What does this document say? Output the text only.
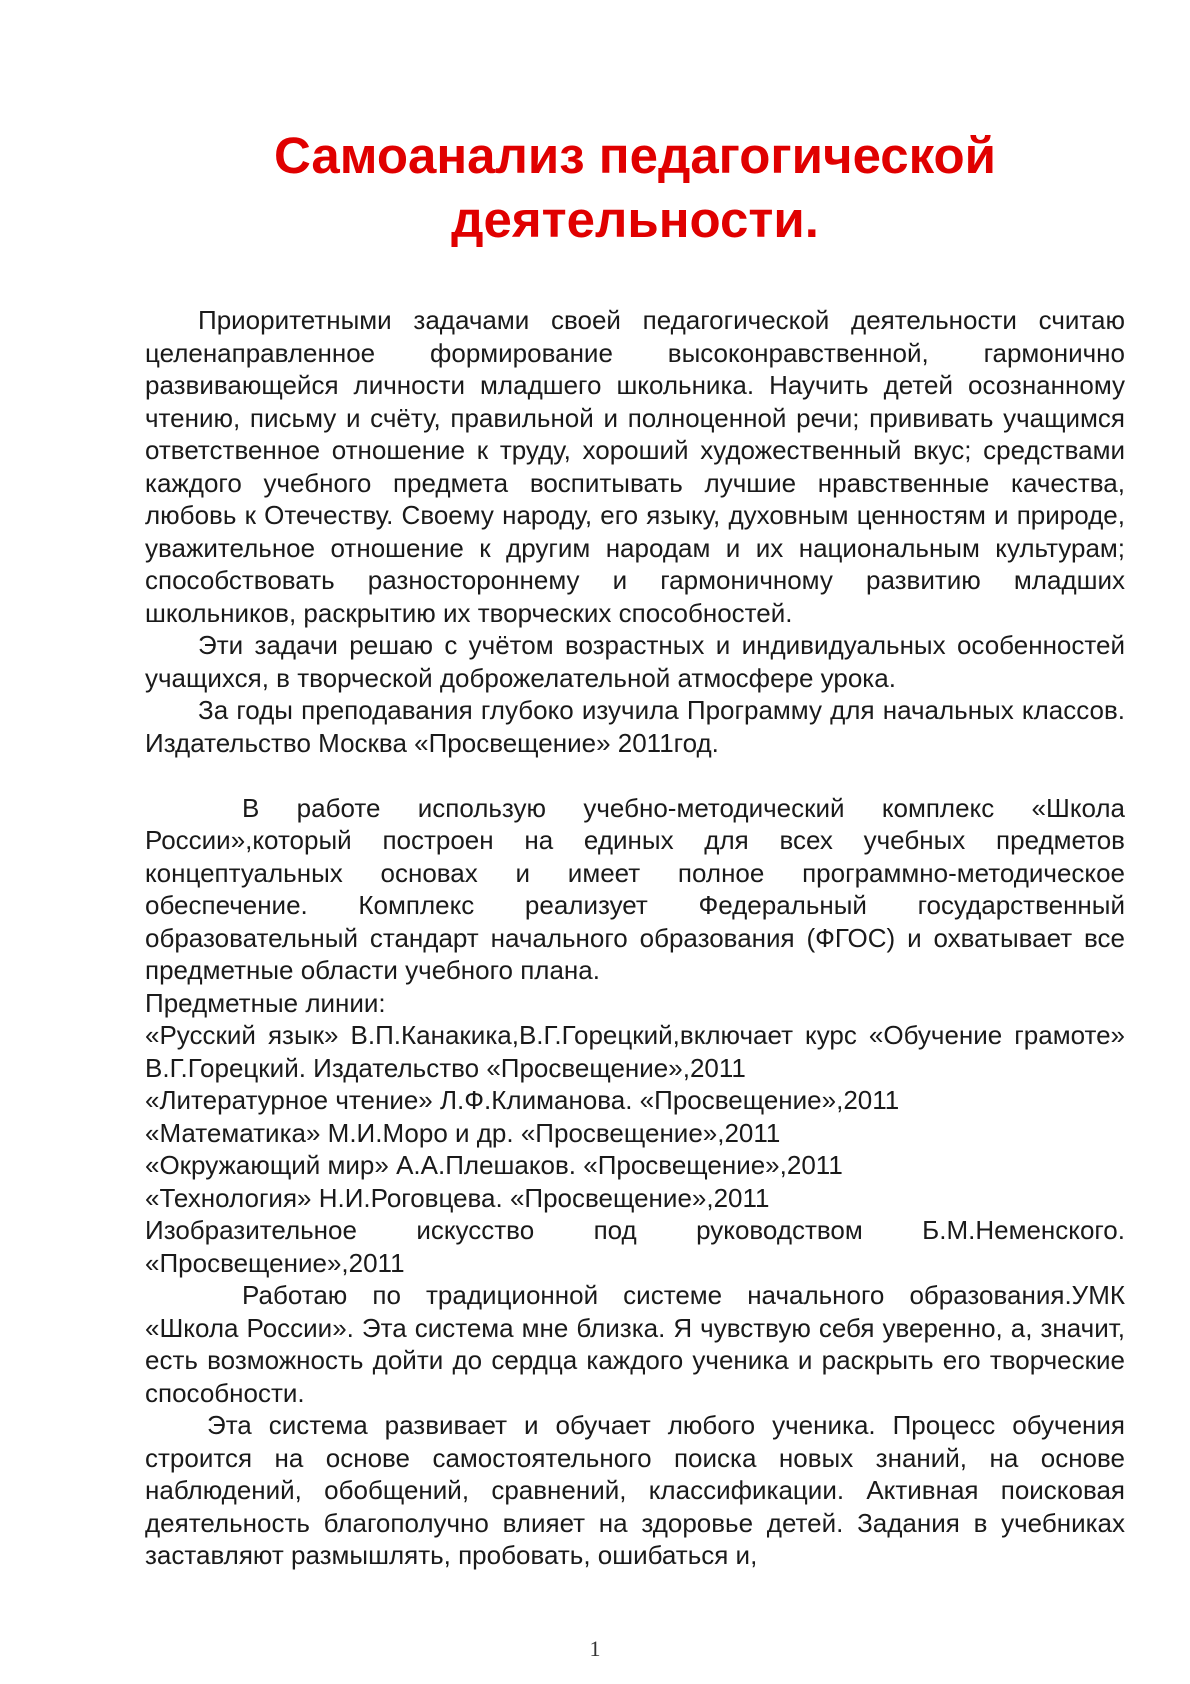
Самоанализ педагогической
деятельности.

Приоритетными задачами своей педагогической деятельности считаю целенаправленное формирование высоконравственной, гармонично развивающейся личности младшего школьника. Научить детей осознанному чтению, письму и счёту, правильной и полноценной речи; прививать учащимся ответственное отношение к труду, хороший художественный вкус; средствами каждого учебного предмета воспитывать лучшие нравственные качества, любовь к Отечеству. Своему народу, его языку, духовным ценностям и природе, уважительное отношение к другим народам и их национальным культурам; способствовать разностороннему и гармоничному развитию младших школьников, раскрытию их творческих способностей.

Эти задачи решаю с учётом возрастных и индивидуальных особенностей учащихся, в творческой доброжелательной атмосфере урока.

За годы преподавания глубоко изучила Программу для начальных классов. Издательство Москва «Просвещение» 2011год.

В работе использую учебно-методический комплекс «Школа России»,который построен на единых для всех учебных предметов концептуальных основах и имеет полное программно-методическое обеспечение. Комплекс реализует Федеральный государственный образовательный стандарт начального образования (ФГОС) и охватывает все предметные области учебного плана.

Предметные линии:

«Русский язык» В.П.Канакика,В.Г.Горецкий,включает курс «Обучение грамоте» В.Г.Горецкий. Издательство «Просвещение»,2011

«Литературное чтение» Л.Ф.Климанова. «Просвещение»,2011

«Математика» М.И.Моро и др. «Просвещение»,2011

«Окружающий мир» А.А.Плешаков. «Просвещение»,2011

«Технология» Н.И.Роговцева. «Просвещение»,2011

Изобразительное искусство под руководством Б.М.Неменского.

«Просвещение»,2011

Работаю по традиционной системе начального образования.УМК «Школа России». Эта система мне близка. Я чувствую себя уверенно, а, значит, есть возможность дойти до сердца каждого ученика и раскрыть его творческие способности.

Эта система развивает и обучает любого ученика. Процесс обучения строится на основе самостоятельного поиска новых знаний, на основе наблюдений, обобщений, сравнений, классификации. Активная поисковая деятельность благополучно влияет на здоровье детей. Задания в учебниках заставляют размышлять, пробовать, ошибаться и,

1
